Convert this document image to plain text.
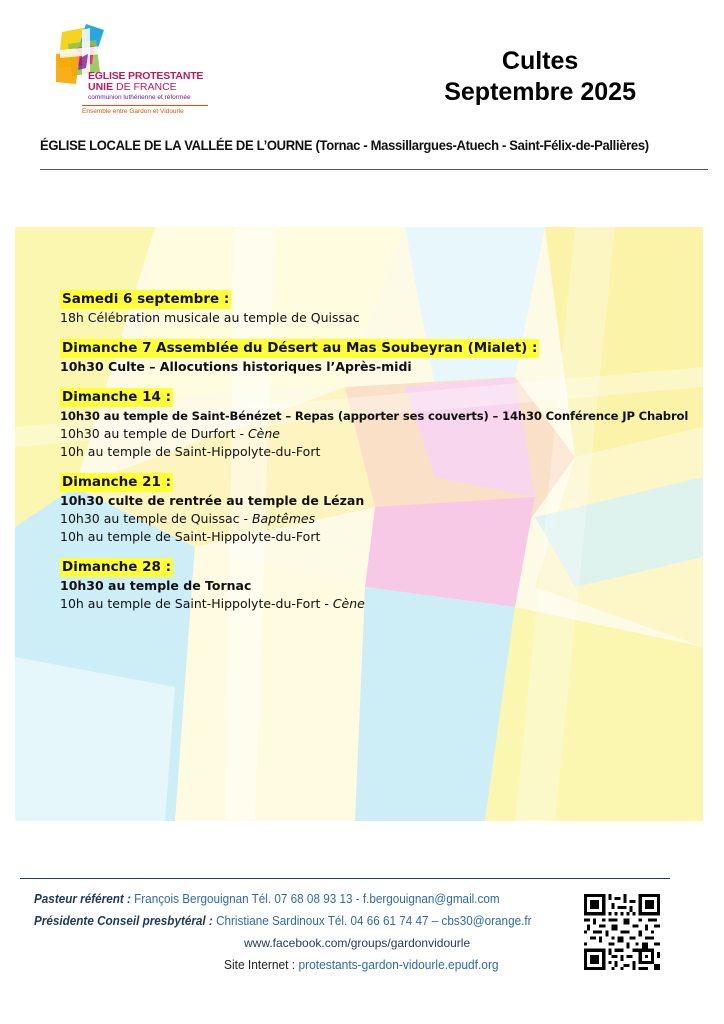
EGLISE PROTESTANTE
UNIE DE FRANCE
communion luthérienne et réformée
Ensemble entre Gardon et Vidourle
Cultes
Septembre 2025
ÉGLISE LOCALE DE LA VALLÉE DE L’OURNE (Tornac - Massillargues-Atuech - Saint-Félix-de-Pallières)
Samedi 6 septembre :
18h Célébration musicale au temple de Quissac
Dimanche 7 Assemblée du Désert au Mas Soubeyran (Mialet) :
10h30 Culte – Allocutions historiques l’Après-midi
Dimanche 14 :
10h30 au temple de Saint-Bénézet – Repas (apporter ses couverts) – 14h30 Conférence JP Chabrol
10h30 au temple de Durfort - Cène
10h au temple de Saint-Hippolyte-du-Fort
Dimanche 21 :
10h30 culte de rentrée au temple de Lézan
10h30 au temple de Quissac - Baptêmes
10h au temple de Saint-Hippolyte-du-Fort
Dimanche 28 :
10h30 au temple de Tornac
10h au temple de Saint-Hippolyte-du-Fort - Cène
Pasteur référent : François Bergouignan Tél. 07 68 08 93 13 - f.bergouignan@gmail.com
Présidente Conseil presbytéral : Christiane Sardinoux Tél. 04 66 61 74 47 – cbs30@orange.fr
www.facebook.com/groups/gardonvidourle
Site Internet : protestants-gardon-vidourle.epudf.org
